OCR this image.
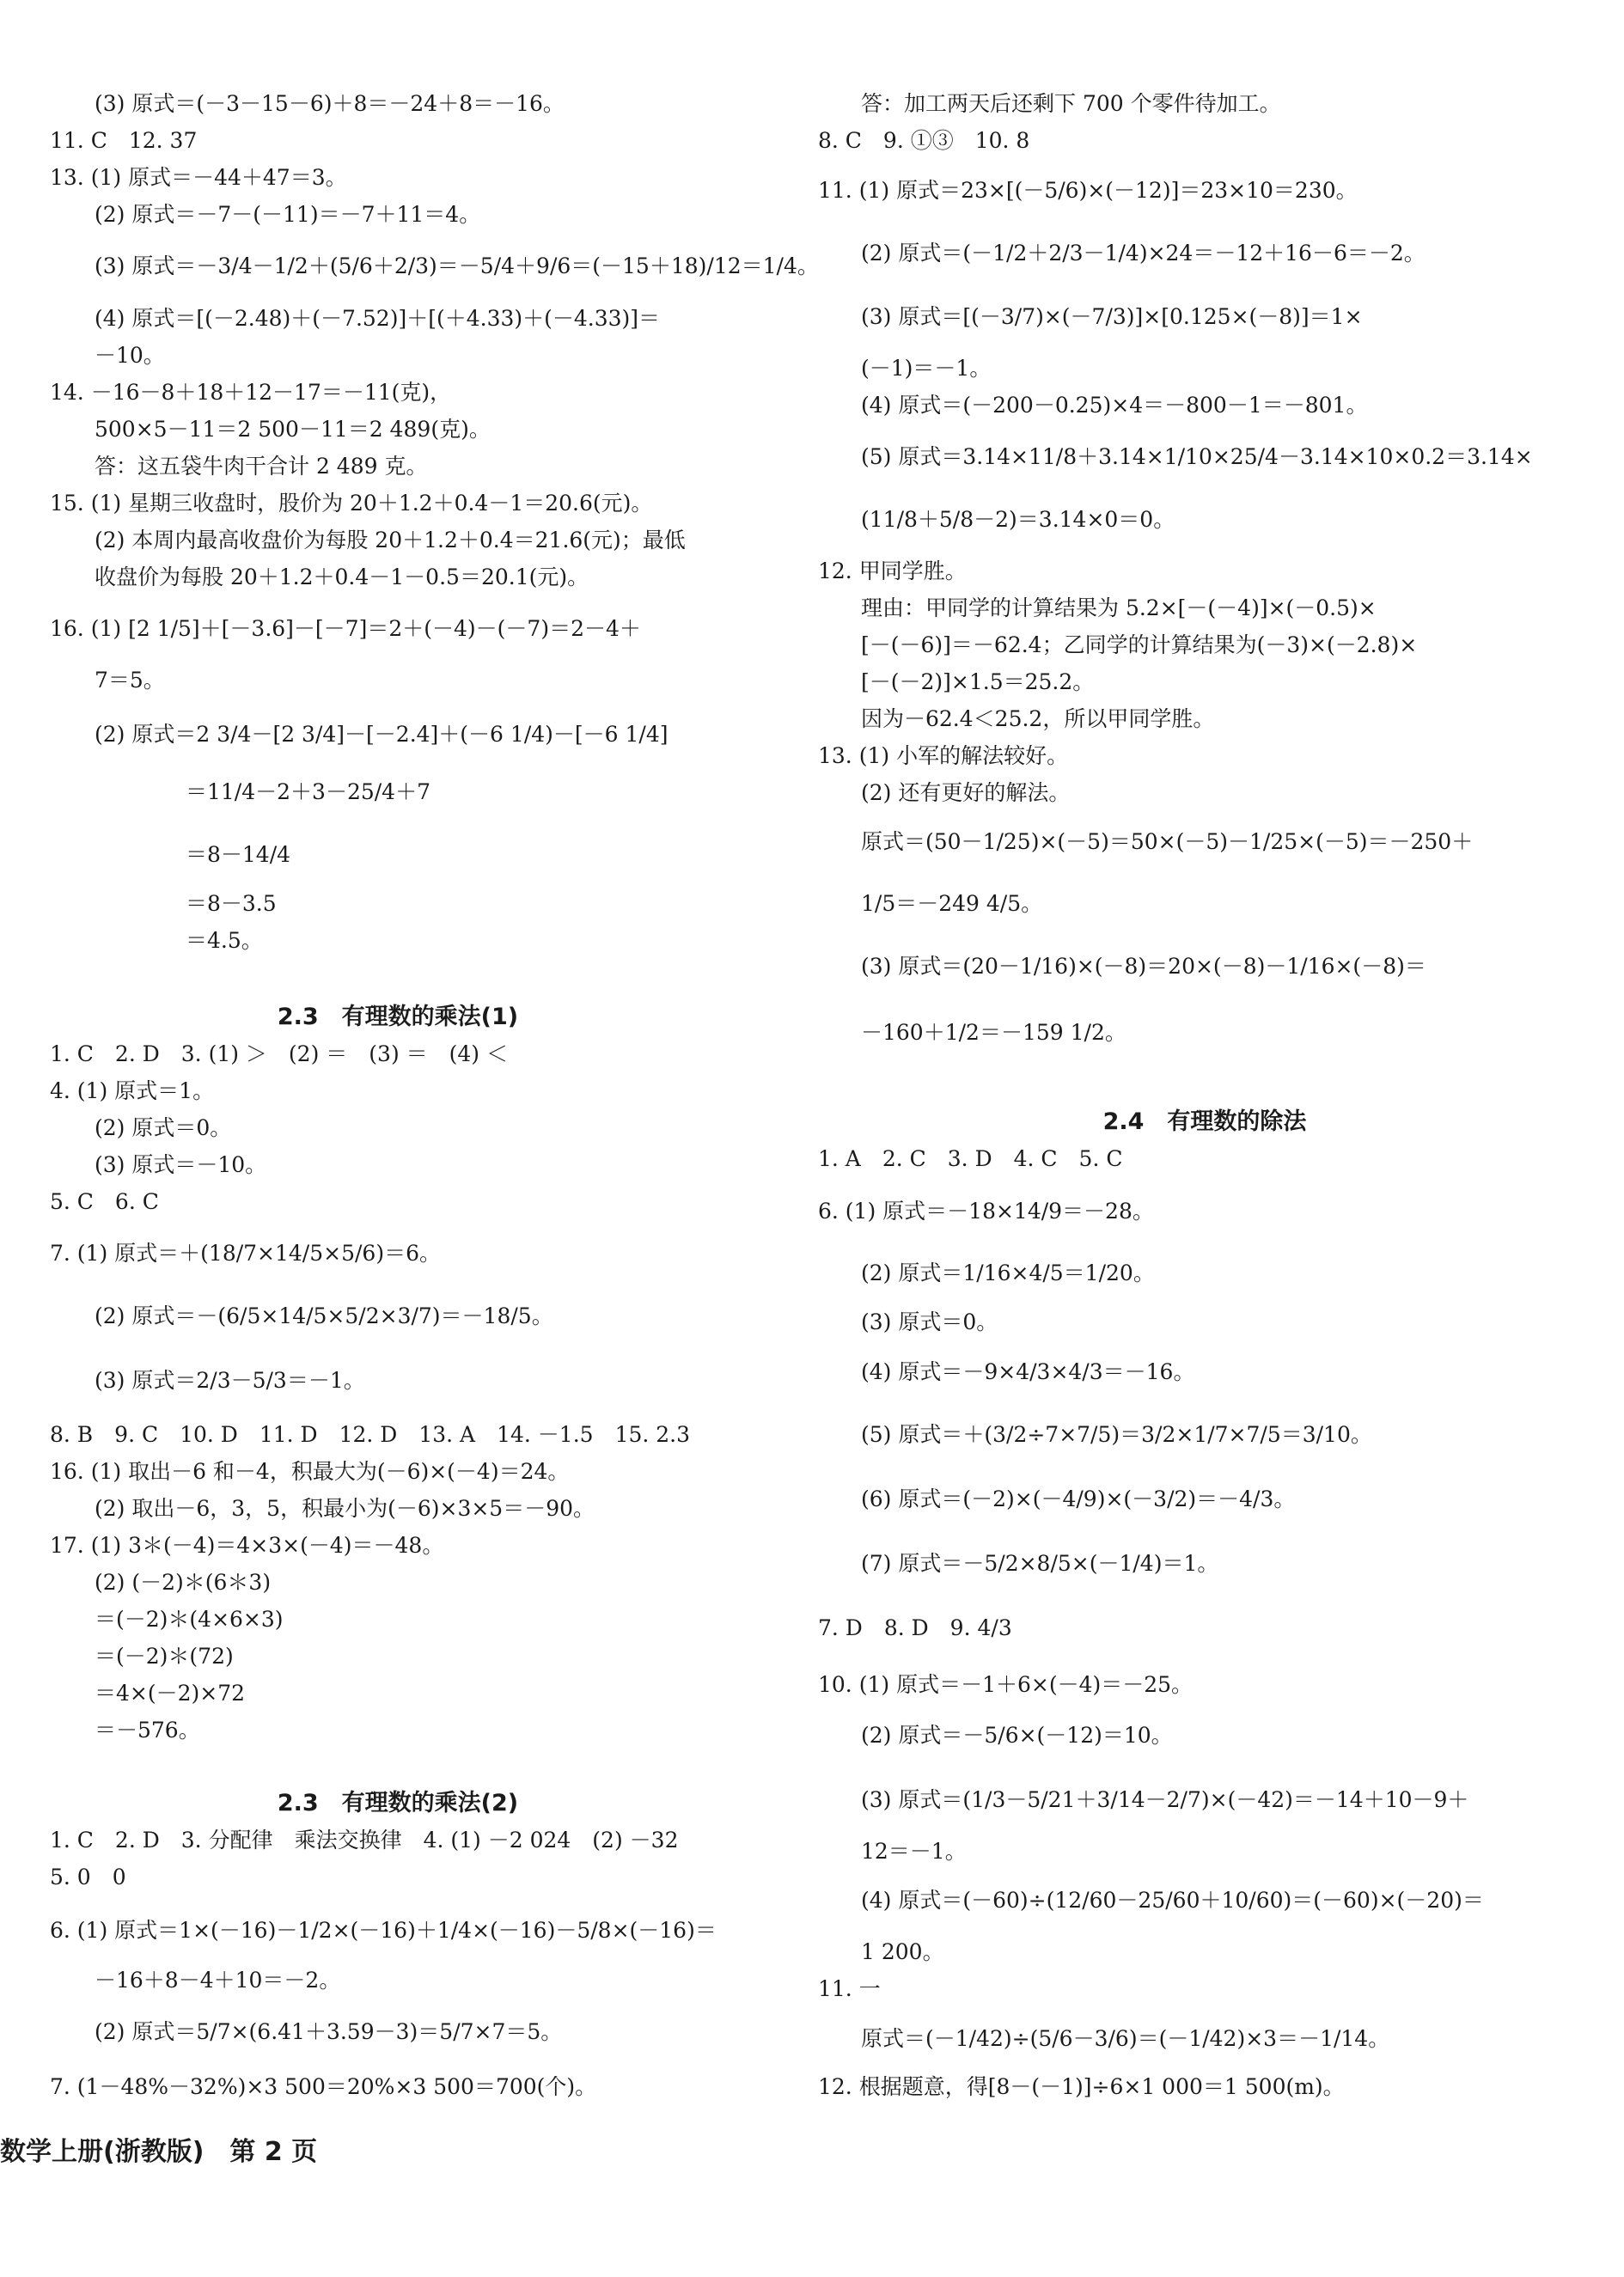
2.3　有理数的乘法(1)
2.3　有理数的乘法(2)
(3) 原式＝(－3－15－6)＋8＝－24＋8＝－16。
11. C　12. 37
13. (1) 原式＝－44＋47＝3。
(2) 原式＝－7－(－11)＝－7＋11＝4。
(3) 原式＝－3/4－1/2＋(5/6＋2/3)＝－5/4＋9/6＝(－15＋18)/12＝1/4。
(4) 原式＝[(－2.48)＋(－7.52)]＋[(＋4.33)＋(－4.33)]＝
－10。
14. －16－8＋18＋12－17＝－11(克)，
500×5－11＝2 500－11＝2 489(克)。
答：这五袋牛肉干合计 2 489 克。
15. (1) 星期三收盘时，股价为 20＋1.2＋0.4－1＝20.6(元)。
(2) 本周内最高收盘价为每股 20＋1.2＋0.4＝21.6(元)；最低
收盘价为每股 20＋1.2＋0.4－1－0.5＝20.1(元)。
16. (1) [2 1/5]＋[－3.6]－[－7]＝2＋(－4)－(－7)＝2－4＋
7＝5。
(2) 原式＝2 3/4－[2 3/4]－[－2.4]＋(－6 1/4)－[－6 1/4]
＝11/4－2＋3－25/4＋7
＝8－14/4
＝8－3.5
＝4.5。
1. C　2. D　3. (1) ＞　(2) ＝　(3) ＝　(4) ＜
4. (1) 原式＝1。
(2) 原式＝0。
(3) 原式＝－10。
5. C　6. C
7. (1) 原式＝＋(18/7×14/5×5/6)＝6。
(2) 原式＝－(6/5×14/5×5/2×3/7)＝－18/5。
(3) 原式＝2/3－5/3＝－1。
8. B　9. C　10. D　11. D　12. D　13. A　14. －1.5　15. 2.3
16. (1) 取出－6 和－4，积最大为(－6)×(－4)＝24。
(2) 取出－6，3，5，积最小为(－6)×3×5＝－90。
17. (1) 3＊(－4)＝4×3×(－4)＝－48。
(2) (－2)＊(6＊3)
＝(－2)＊(4×6×3)
＝(－2)＊(72)
＝4×(－2)×72
＝－576。
1. C　2. D　3. 分配律　乘法交换律　4. (1) －2 024　(2) －32
5. 0　0
6. (1) 原式＝1×(－16)－1/2×(－16)＋1/4×(－16)－5/8×(－16)＝
－16＋8－4＋10＝－2。
(2) 原式＝5/7×(6.41＋3.59－3)＝5/7×7＝5。
7. (1－48%－32%)×3 500＝20%×3 500＝700(个)。
2.4　有理数的除法
答：加工两天后还剩下 700 个零件待加工。
8. C　9. ①③　10. 8
11. (1) 原式＝23×[(－5/6)×(－12)]＝23×10＝230。
(2) 原式＝(－1/2＋2/3－1/4)×24＝－12＋16－6＝－2。
(3) 原式＝[(－3/7)×(－7/3)]×[0.125×(－8)]＝1×
(－1)＝－1。
(4) 原式＝(－200－0.25)×4＝－800－1＝－801。
(5) 原式＝3.14×11/8＋3.14×1/10×25/4－3.14×10×0.2＝3.14×
(11/8＋5/8－2)＝3.14×0＝0。
12. 甲同学胜。
理由：甲同学的计算结果为 5.2×[－(－4)]×(－0.5)×
[－(－6)]＝－62.4；乙同学的计算结果为(－3)×(－2.8)×
[－(－2)]×1.5＝25.2。
因为－62.4＜25.2，所以甲同学胜。
13. (1) 小军的解法较好。
(2) 还有更好的解法。
原式＝(50－1/25)×(－5)＝50×(－5)－1/25×(－5)＝－250＋
1/5＝－249 4/5。
(3) 原式＝(20－1/16)×(－8)＝20×(－8)－1/16×(－8)＝
－160＋1/2＝－159 1/2。
1. A　2. C　3. D　4. C　5. C
6. (1) 原式＝－18×14/9＝－28。
(2) 原式＝1/16×4/5＝1/20。
(3) 原式＝0。
(4) 原式＝－9×4/3×4/3＝－16。
(5) 原式＝＋(3/2÷7×7/5)＝3/2×1/7×7/5＝3/10。
(6) 原式＝(－2)×(－4/9)×(－3/2)＝－4/3。
(7) 原式＝－5/2×8/5×(－1/4)＝1。
7. D　8. D　9. 4/3
10. (1) 原式＝－1＋6×(－4)＝－25。
(2) 原式＝－5/6×(－12)＝10。
(3) 原式＝(1/3－5/21＋3/14－2/7)×(－42)＝－14＋10－9＋
12＝－1。
(4) 原式＝(－60)÷(12/60－25/60＋10/60)＝(－60)×(－20)＝
1 200。
11. 一
原式＝(－1/42)÷(5/6－3/6)＝(－1/42)×3＝－1/14。
12. 根据题意，得[8－(－1)]÷6×1 000＝1 500(m)。
数学上册(浙教版)　第 2 页
